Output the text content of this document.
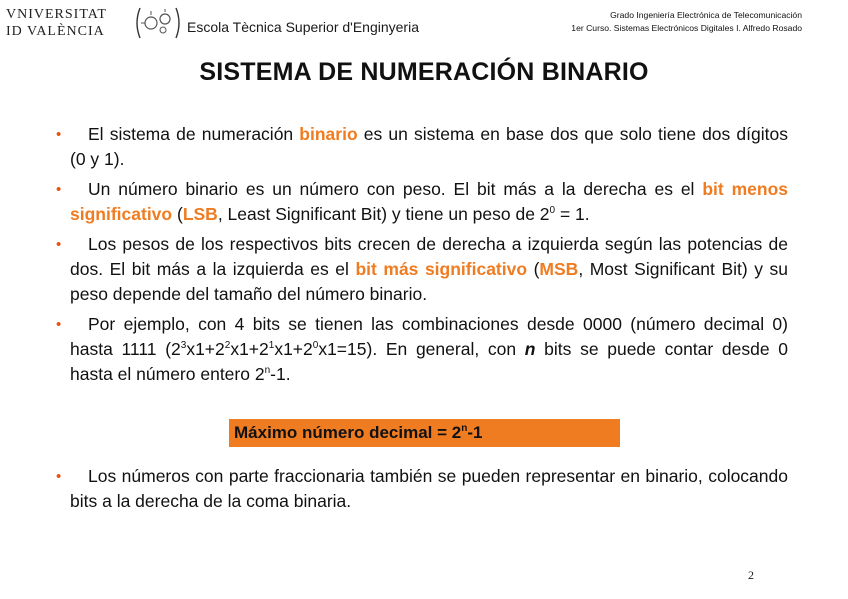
VNIVERSITAT
ID VALÈNCIA	Escola Tècnica Superior d'Enginyeria
Grado Ingeniería Electrónica de Telecomunicación
1er Curso. Sistemas Electrónicos Digitales I. Alfredo Rosado
SISTEMA DE NUMERACIÓN BINARIO
• El sistema de numeración binario es un sistema en base dos que solo tiene dos dígitos (0 y 1).
• Un número binario es un número con peso. El bit más a la derecha es el bit menos significativo (LSB, Least Significant Bit) y tiene un peso de $2^0 = 1$.
• Los pesos de los respectivos bits crecen de derecha a izquierda según las potencias de dos. El bit más a la izquierda es el bit más significativo (MSB, Most Significant Bit) y su peso depende del tamaño del número binario.
• Por ejemplo, con 4 bits se tienen las combinaciones desde 0000 (número decimal 0) hasta 1111 $(2^3x1+2^2x1+2^1x1+2^0x1=15)$. En general, con n bits se puede contar desde 0 hasta el número entero 2$^n$-1.
Máximo número decimal = $2^n-1$
• Los números con parte fraccionaria también se pueden representar en binario, colocando bits a la derecha de la coma binaria.
2
